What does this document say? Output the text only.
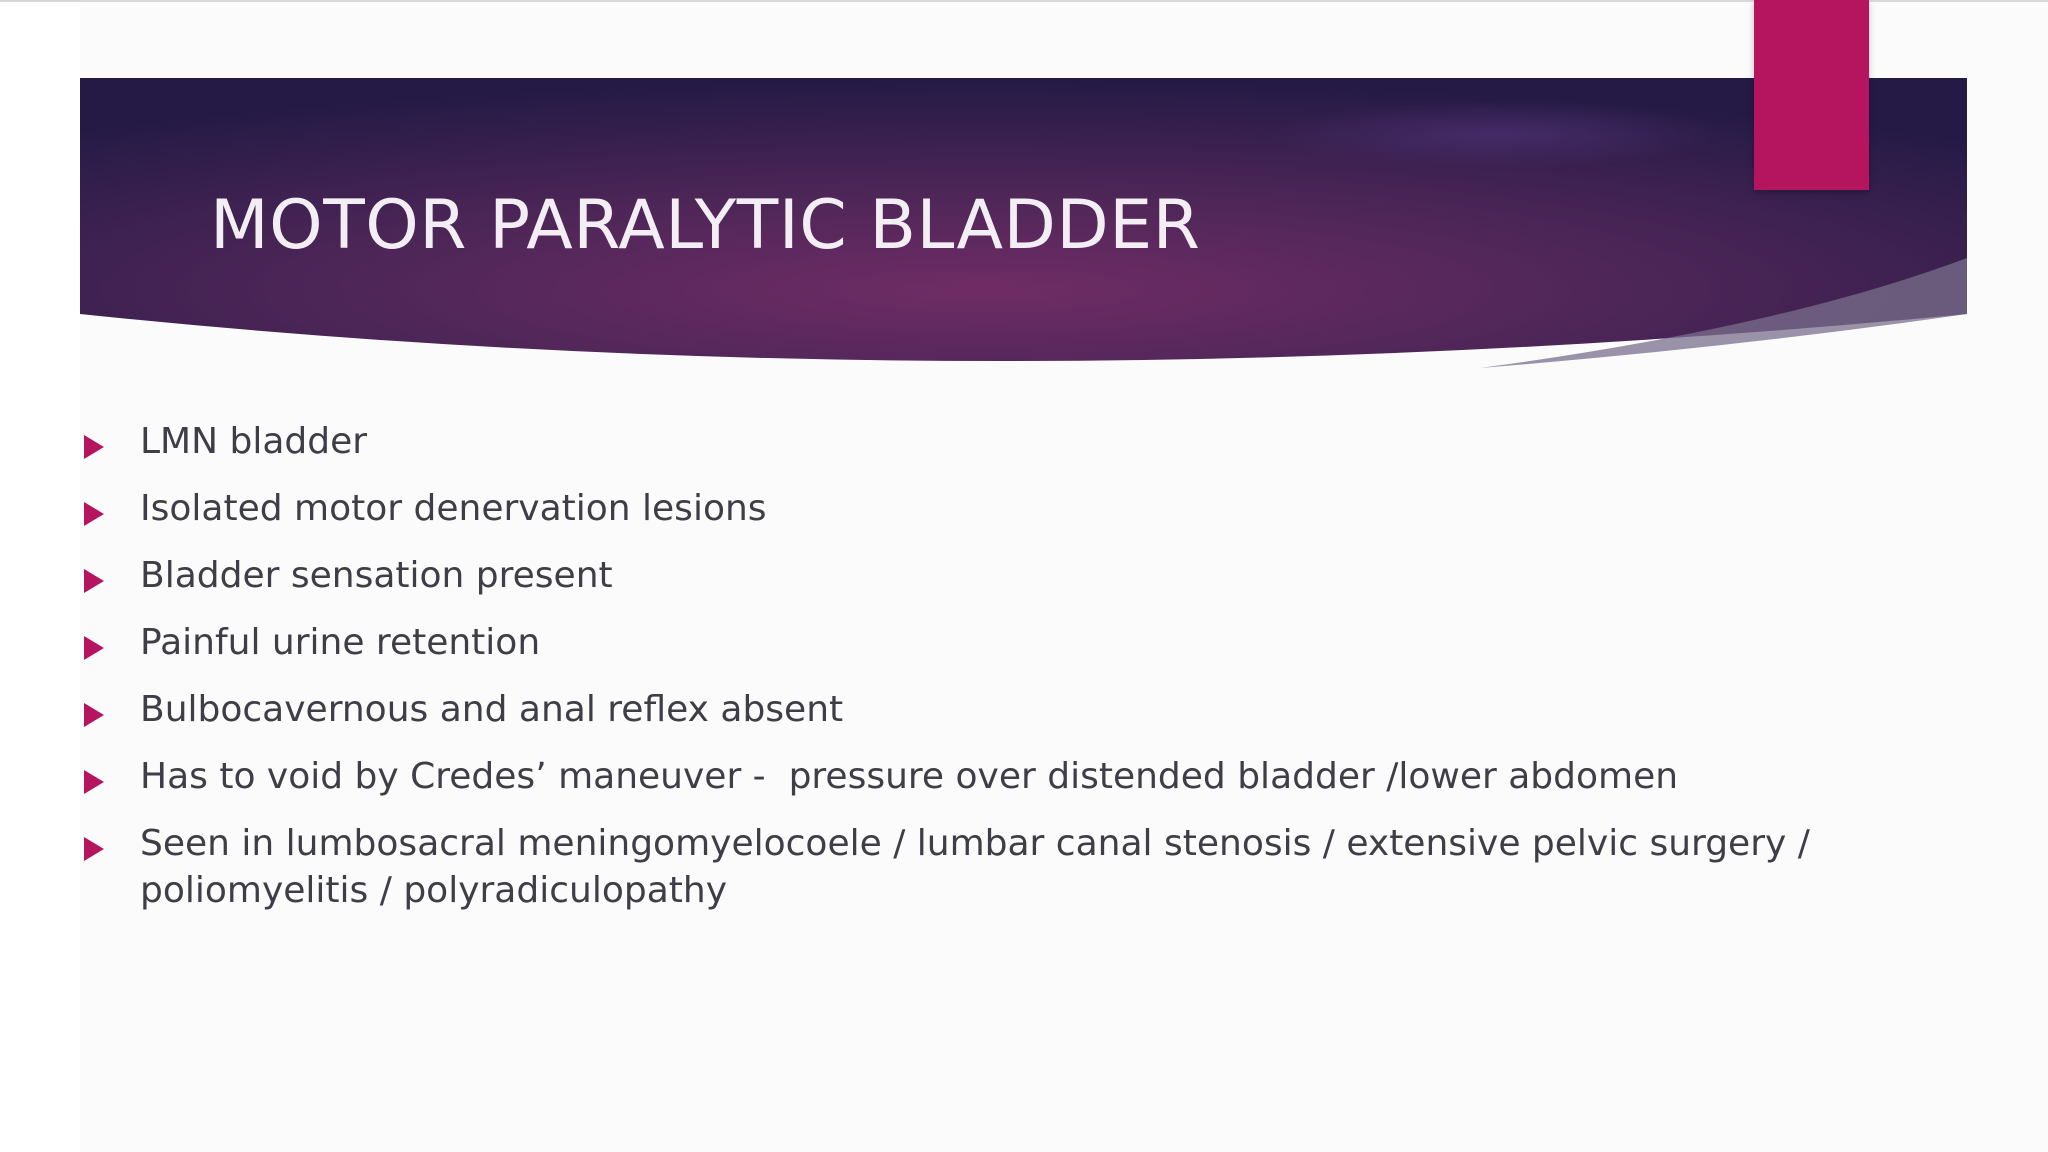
MOTOR PARALYTIC BLADDER
LMN bladder
Isolated motor denervation lesions
Bladder sensation present
Painful urine retention
Bulbocavernous and anal reflex absent
Has to void by Credes’ maneuver -  pressure over distended bladder /lower abdomen
Seen in lumbosacral meningomyelocoele / lumbar canal stenosis / extensive pelvic surgery / poliomyelitis / polyradiculopathy
